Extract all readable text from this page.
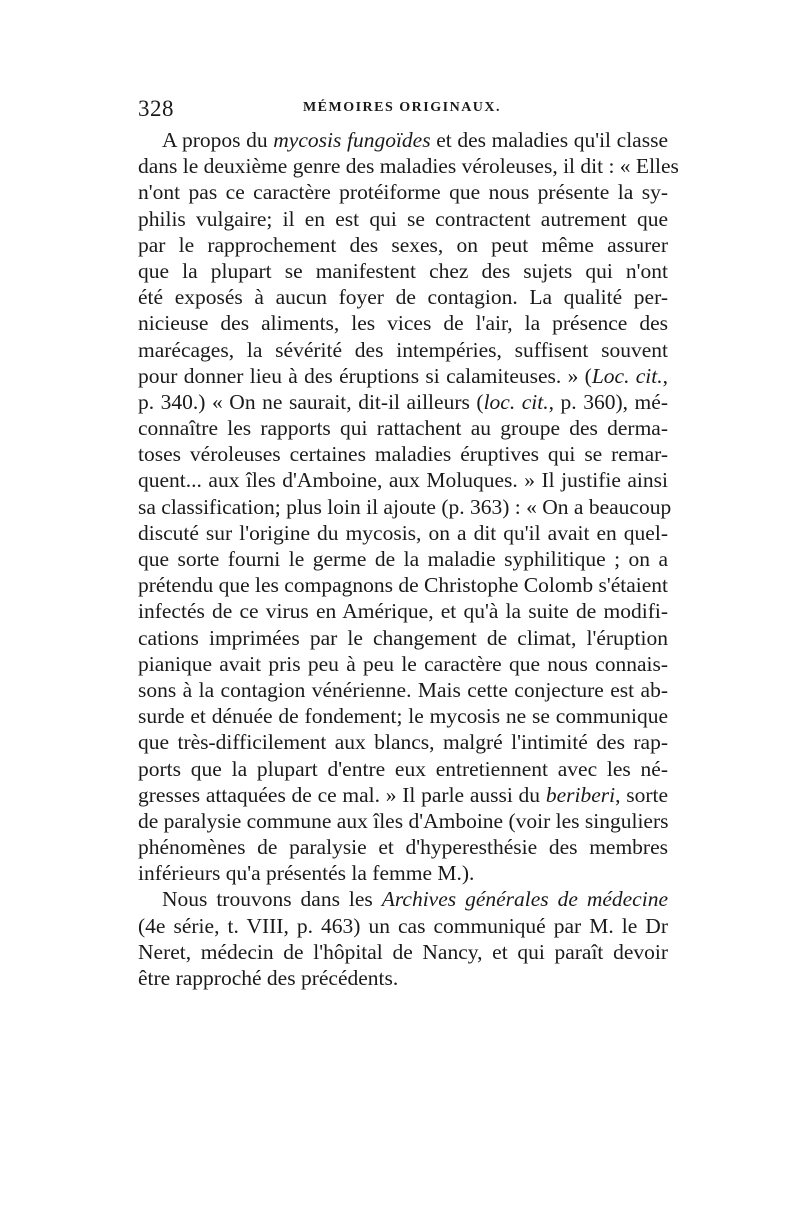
328	MÉMOIRES ORIGINAUX.
A propos du mycosis fungoïdes et des maladies qu'il classe
dans le deuxième genre des maladies véroleuses, il dit : « Elles
n'ont pas ce caractère protéiforme que nous présente la sy-
philis vulgaire; il en est qui se contractent autrement que
par le rapprochement des sexes, on peut même assurer
que la plupart se manifestent chez des sujets qui n'ont
été exposés à aucun foyer de contagion. La qualité per-
nicieuse des aliments, les vices de l'air, la présence des
marécages, la sévérité des intempéries, suffisent souvent
pour donner lieu à des éruptions si calamiteuses. » (Loc. cit.,
p. 340.) « On ne saurait, dit-il ailleurs (loc. cit., p. 360), mé-
connaître les rapports qui rattachent au groupe des derma-
toses véroleuses certaines maladies éruptives qui se remar-
quent... aux îles d'Amboine, aux Moluques. » Il justifie ainsi
sa classification; plus loin il ajoute (p. 363) : « On a beaucoup
discuté sur l'origine du mycosis, on a dit qu'il avait en quel-
que sorte fourni le germe de la maladie syphilitique ; on a
prétendu que les compagnons de Christophe Colomb s'étaient
infectés de ce virus en Amérique, et qu'à la suite de modifi-
cations imprimées par le changement de climat, l'éruption
pianique avait pris peu à peu le caractère que nous connais-
sons à la contagion vénérienne. Mais cette conjecture est ab-
surde et dénuée de fondement; le mycosis ne se communique
que très-difficilement aux blancs, malgré l'intimité des rap-
ports que la plupart d'entre eux entretiennent avec les né-
gresses attaquées de ce mal. » Il parle aussi du beriberi, sorte
de paralysie commune aux îles d'Amboine (voir les singuliers
phénomènes de paralysie et d'hyperesthésie des membres
inférieurs qu'a présentés la femme M.).
Nous trouvons dans les Archives générales de médecine
(4e série, t. VIII, p. 463) un cas communiqué par M. le Dr
Neret, médecin de l'hôpital de Nancy, et qui paraît devoir
être rapproché des précédents.
